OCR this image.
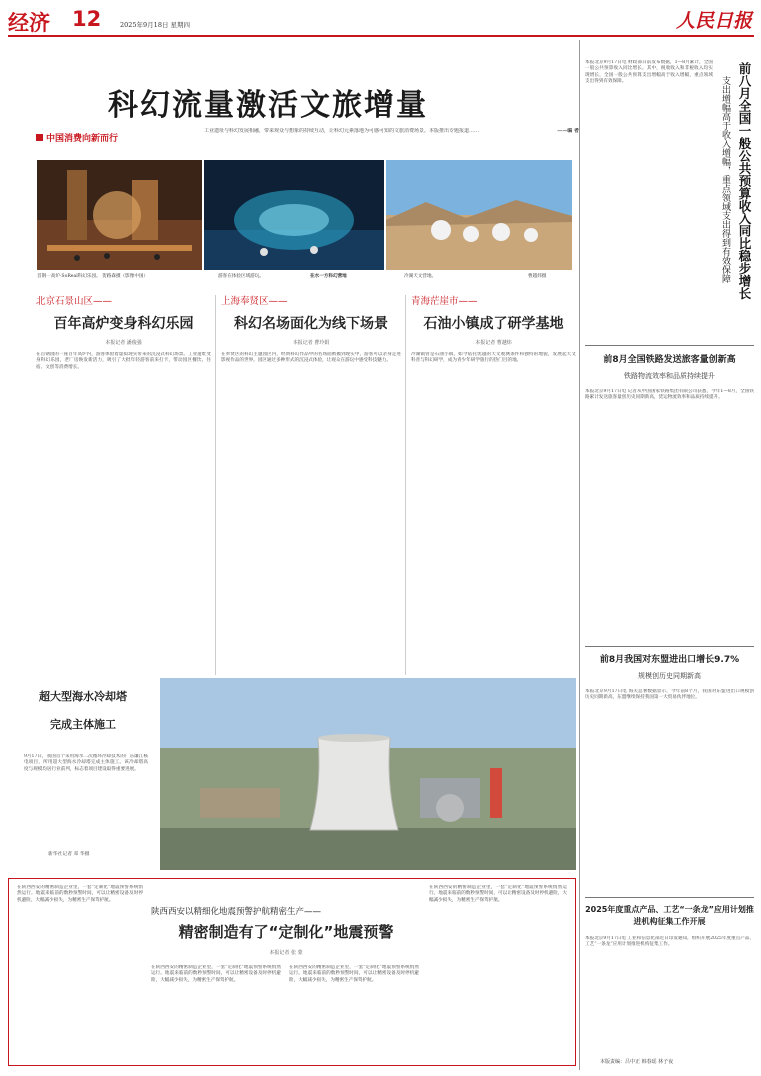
经济 12	2025年9月18日 星期四	人民日报
科幻流量激活文旅增量
中国消费向新而行
工业遗址与科幻发展相融，带来观众与想象的持续互动，让科幻元素落地为可感可知的文旅消费场景。本版推出专题报道……	——编 者
首钢一高炉·SoReal科幻乐园。 贺路森摄（影像中国）	游客在体验区域游玩。	在水一方科幻营地	冷湖天文营地。	曹越炜摄
北京石景山区——
百年高炉变身科幻乐园
本报记者 潘俊强
在首钢园的一座百年高炉内，游客体验着虚拟现实带来的沉浸式科幻场景。工业遗址变身科幻乐园，老厂房焕发新活力，吸引了大批年轻游客前来打卡，带动园区餐饮、住宿、文创等消费增长。
上海奉贤区——
科幻名场面化为线下场景
本报记者 曹玲娟
在奉贤区的科幻主题园区内，经典科幻作品中的名场面被搬到现实中，游客可以亲身走进影视作品的世界。园区通过多种形式的沉浸式体验，让观众在游玩中感受科技魅力。
青海茫崖市——
石油小镇成了研学基地
本报记者 曹越炜
冷湖镇曾是石油小镇，如今依托优越的天文观测条件和独特的地貌，发展起天文科普与科幻研学，成为青少年研学旅行的热门目的地。
本报北京9月17日电 财政部日前发布数据，1—8月累计，全国一般公共预算收入同比增长。其中，税收收入和非税收入均实现增长，全国一般公共预算支出增幅高于收入增幅，重点领域支出得到有效保障。	前八月全国一般公共预算收入同比稳步增长
支出增幅高于收入增幅，重点领域支出得到有效保障
前8月全国铁路发送旅客量创新高
铁路物流效率和品质持续提升
本报北京9月17日电 记者从中国国家铁路集团有限公司获悉，今年1—8月，全国铁路累计发送旅客量创历史同期新高，货运物流效率和品质持续提升。
前8月我国对东盟进出口增长9.7%
规模创历史同期新高
本报北京9月17日电 海关总署数据显示，今年前8个月，我国对东盟进出口规模创历史同期新高，东盟继续保持我国第一大贸易伙伴地位。
2025年度重点产品、工艺“一条龙”应用计划推进机构征集工作开展
本报北京9月17日电 工业和信息化部近日印发通知，组织开展2025年度重点产品、工艺“一条龙”应用计划推进机构征集工作。
超大型海水冷却塔
完成主体施工
9月17日，我国首个采用海水二次循环冷却技术的广东廉江核电项目，所用超大型海水冷却塔完成主体施工。该冷却塔高度与规模均居行业前列，标志着项目建设取得重要进展。
新华社记者 邓 华摄
在陕西西安的精密制造企业里，一套“定制化”地震预警系统悄然运行。地震来临前的数秒预警时间，可以让精密设备及时停机避险，大幅减少损失，为精密生产保驾护航。
陕西西安以精细化地震预警护航精密生产——
精密制造有了“定制化”地震预警
本报记者 张 蒙
在陕西西安的精密制造企业里，一套“定制化”地震预警系统悄然运行。地震来临前的数秒预警时间，可以让精密设备及时停机避险，大幅减少损失，为精密生产保驾护航。
在陕西西安的精密制造企业里，一套“定制化”地震预警系统悄然运行。地震来临前的数秒预警时间，可以让精密设备及时停机避险，大幅减少损失，为精密生产保驾护航。
在陕西西安的精密制造企业里，一套“定制化”地震预警系统悄然运行。地震来临前的数秒预警时间，可以让精密设备及时停机避险，大幅减少损失，为精密生产保驾护航。
本版责编：吕中正 韩春瑶 林子夜
